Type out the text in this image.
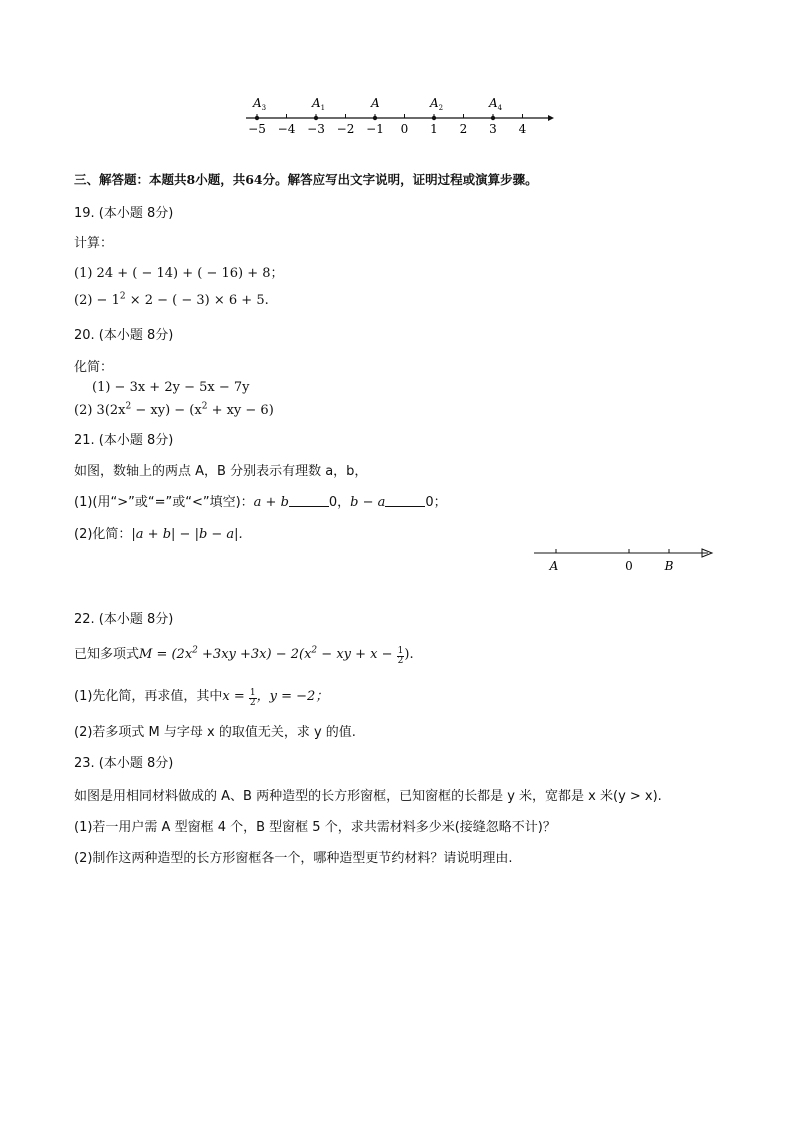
−5 −4 −3 −2 −1 0 1 2 3 4
$A_3$	$A_1$	A	$A_2$	$A_4$
三、解答题：本题共8小题，共64分。解答应写出文字说明，证明过程或演算步骤。
19. (本小题 8分)
计算：
(1) 24 + ( − 14) + ( − 16) + 8；
$(2) - 1^2 \times 2$ − ( − 3) × 6 + 5.
20. (本小题 8分)
化简：
(1) − 3x + 2y − 5x − 7y
(2) $3(2x^2 - xy) - (x^2$ + xy − 6)
21. (本小题 8分)
如图，数轴上的两点 A，B 分别表示有理数 a，b，
(1)(用“>”或“=”或“<”填空)：a + b	0，b − a	0；
(2)化简：|a + b| − |b − a|.
A	0	B
22. (本小题 8分)
已知多项式$M = (2x^2 +3xy +3x) - 2(x^2$ − xy + $x - \frac{1}{2}$ ).
(1)先化简，再求值，其中$x = \frac{1}{2}$ ，y = −2；
(2)若多项式 M 与字母 x 的取值无关，求 y 的值.
23. (本小题 8分)
如图是用相同材料做成的 A、B 两种造型的长方形窗框，已知窗框的长都是 y 米，宽都是 x 米(y > x).
(1)若一用户需 A 型窗框 4 个，B 型窗框 5 个，求共需材料多少米(接缝忽略不计)？
(2)制作这两种造型的长方形窗框各一个，哪种造型更节约材料？请说明理由.
